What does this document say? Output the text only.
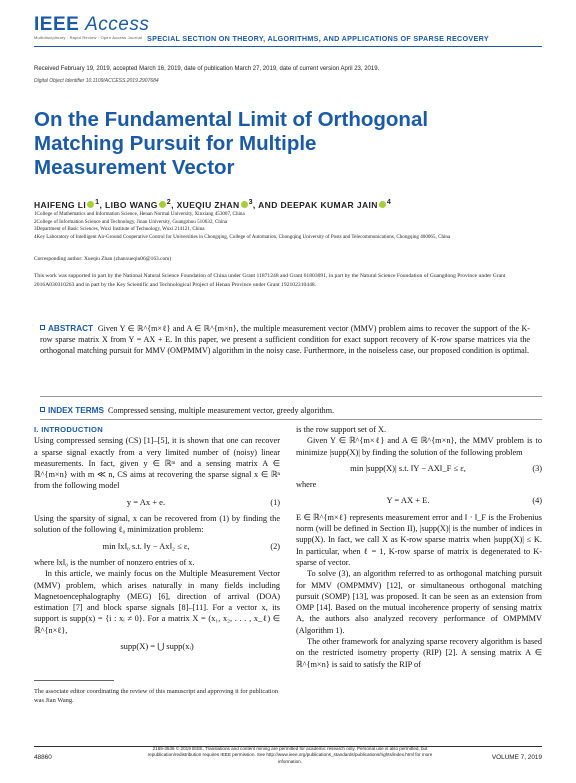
IEEE Access
Multidisciplinary : Rapid Review : Open Access Journal SPECIAL SECTION ON THEORY, ALGORITHMS, AND APPLICATIONS OF SPARSE RECOVERY
Received February 19, 2019, accepted March 16, 2019, date of publication March 27, 2019, date of current version April 23, 2019.
Digital Object Identifier 10.1109/ACCESS.2019.2907684
On the Fundamental Limit of Orthogonal Matching Pursuit for Multiple Measurement Vector
HAIFENG LI $^1$, LIBO WANG $^2$, XUEQIU ZHAN $^3$, AND DEEPAK KUMAR JAIN $^4$
1College of Mathematics and Information Science, Henan Normal University, Xinxiang 453007, China
2College of Information Science and Technology, Jinan University, Guangzhou 510632, China
3Department of Basic Sciences, Wuxi Institute of Technology, Wuxi 214121, China
4Key Laboratory of Intelligent Air-Ground Cooperative Control for Universities in Chongqing, College of Automation, Chongqing University of Posts and Telecommunications, Chongqing 400065, China
Corresponding author: Xueqiu Zhan (zhanxueqiu06@163.com)
This work was supported in part by the National Natural Science Foundation of China under Grant 11871248 and Grant 61803091, in part by the Natural Science Foundation of Guangdong Province under Grant 2016A030310263 and in part by the Key Scientific and Technological Project of Henan Province under Grant 192102310448.
ABSTRACT Given Y ∈ ℝ^{m×ℓ} and A ∈ ℝ^{m×n}, the multiple measurement vector (MMV) problem aims to recover the support of the K-row sparse matrix X from Y = AX + E. In this paper, we present a sufficient condition for exact support recovery of K-row sparse matrices via the orthogonal matching pursuit for MMV (OMPMMV) algorithm in the noisy case. Furthermore, in the noiseless case, our proposed condition is optimal.
INDEX TERMS Compressed sensing, multiple measurement vector, greedy algorithm.
I. INTRODUCTION

Using compressed sensing (CS) [1]–[5], it is shown that one can recover a sparse signal exactly from a very limited number of (noisy) linear measurements. In fact, given y ∈ ℝᵐ and a sensing matrix A ∈ ℝ^{m×n} with m ≪ n, CS aims at recovering the sparse signal x ∈ ℝⁿ from the following model

y = Ax + e.	(1)

Using the sparsity of signal, x can be recovered from (1) by finding the solution of the following ℓ₀ minimization problem:

min ‖x‖₀ s.t. ‖y − Ax‖₂ ≤ ε,	(2)

where ‖x‖₀ is the number of nonzero entries of x.

In this article, we mainly focus on the Multiple Measurement Vector (MMV) problem, which arises naturally in many fields including Magnetoencephalography (MEG) [6], direction of arrival (DOA) estimation [7] and block sparse signals [8]–[11]. For a vector x, its support is supp(x) = {i : xᵢ ≠ 0}. For a matrix X = (x₁, x₂, . . . , x_ℓ) ∈ ℝ^{n×ℓ},

supp(X) = ⋃ supp(xᵢ)
The associate editor coordinating the review of this manuscript and approving it for publication was Jian Wang.

is the row support set of X.

Given Y ∈ ℝ^{m×ℓ} and A ∈ ℝ^{m×n}, the MMV problem is to minimize |supp(X)| by finding the solution of the following problem

min |supp(X)| s.t. ‖Y − AX‖_F ≤ ε,	(3)

where

Y = AX + E.	(4)

E ∈ ℝ^{m×ℓ} represents measurement error and ‖ · ‖_F is the Frobenius norm (will be defined in Section II), |supp(X)| is the number of indices in supp(X). In fact, we call X as K-row sparse matrix when |supp(X)| ≤ K. In particular, when ℓ = 1, K-row sparse of matrix is degenerated to K-sparse of vector.

To solve (3), an algorithm referred to as orthogonal matching pursuit for MMV (OMPMMV) [12], or simultaneous orthogonal matching pursuit (SOMP) [13], was proposed. It can be seen as an extension from OMP [14]. Based on the mutual incoherence property of sensing matrix A, the authors also analyzed recovery performance of OMPMMV (Algorithm 1).

The other framework for analyzing sparse recovery algorithm is based on the restricted isometry property (RIP) [2]. A sensing matrix A ∈ ℝ^{m×n} is said to satisfy the RIP of

48860
2169-3536 © 2019 IEEE. Translations and content mining are permitted for academic research only. Personal use is also permitted, but republication/redistribution requires IEEE permission. See http://www.ieee.org/publications_standards/publications/rights/index.html for more information.
VOLUME 7, 2019
